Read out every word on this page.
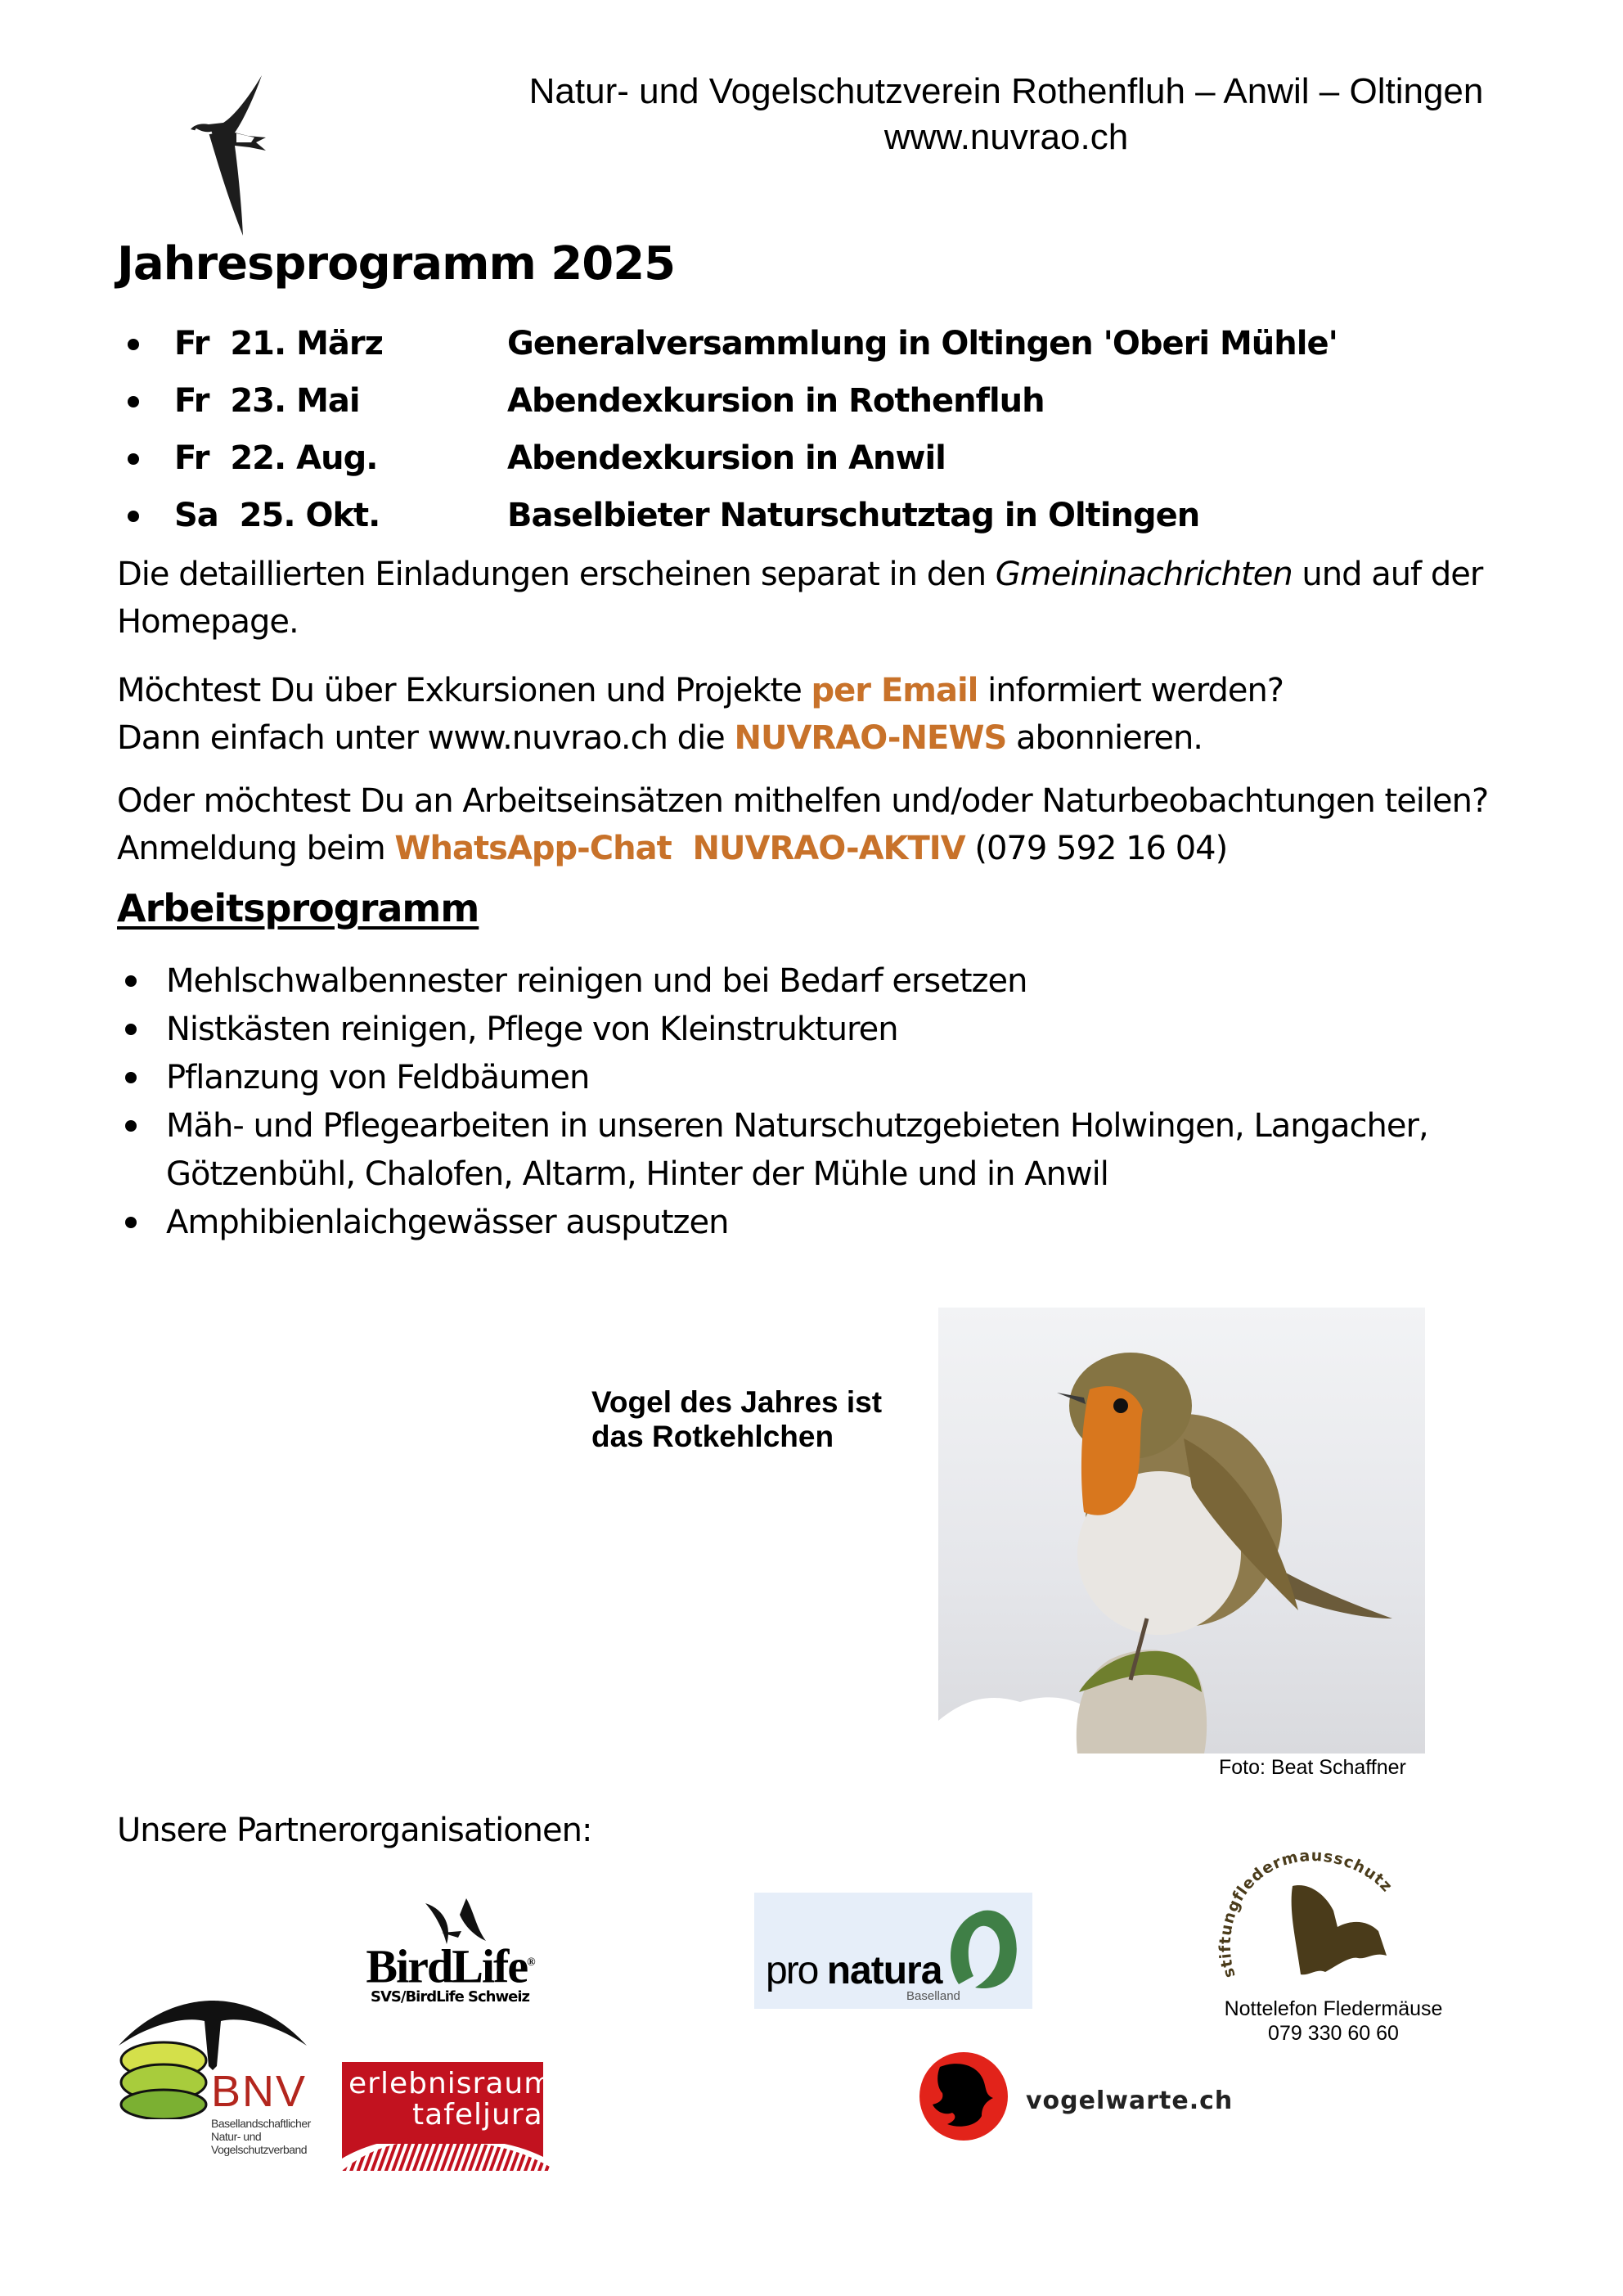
Natur- und Vogelschutzverein Rothenfluh – Anwil – Oltingen
www.nuvrao.ch
Jahresprogramm 2025
Fr  21. März	Generalversammlung in Oltingen 'Oberi Mühle'
Fr  23. Mai	Abendexkursion in Rothenfluh
Fr  22. Aug.	Abendexkursion in Anwil
Sa  25. Okt.	Baselbieter Naturschutztag in Oltingen
Die detaillierten Einladungen erscheinen separat in den Gmeininachrichten und auf der Homepage.
Möchtest Du über Exkursionen und Projekte per Email informiert werden?
Dann einfach unter www.nuvrao.ch die NUVRAO-NEWS abonnieren.
Oder möchtest Du an Arbeitseinsätzen mithelfen und/oder Naturbeobachtungen teilen?
Anmeldung beim WhatsApp-Chat  NUVRAO-AKTIV (079 592 16 04)
Arbeitsprogramm
Mehlschwalbennester reinigen und bei Bedarf ersetzen
Nistkästen reinigen, Pflege von Kleinstrukturen
Pflanzung von Feldbäumen
Mäh- und Pflegearbeiten in unseren Naturschutzgebieten Holwingen, Langacher, Götzenbühl, Chalofen, Altarm, Hinter der Mühle und in Anwil
Amphibienlaichgewässer ausputzen
Vogel des Jahres ist
das Rotkehlchen
Foto: Beat Schaffner
Unsere Partnerorganisationen:
BirdLife®
SVS/BirdLife Schweiz
pro natura
Baselland
stiftungfledermausschutz
Nottelefon Fledermäuse
079 330 60 60
BNV
Basellandschaftlicher
Natur- und
Vogelschutzverband
erlebnisraum
tafeljura	vogelwarte.ch
